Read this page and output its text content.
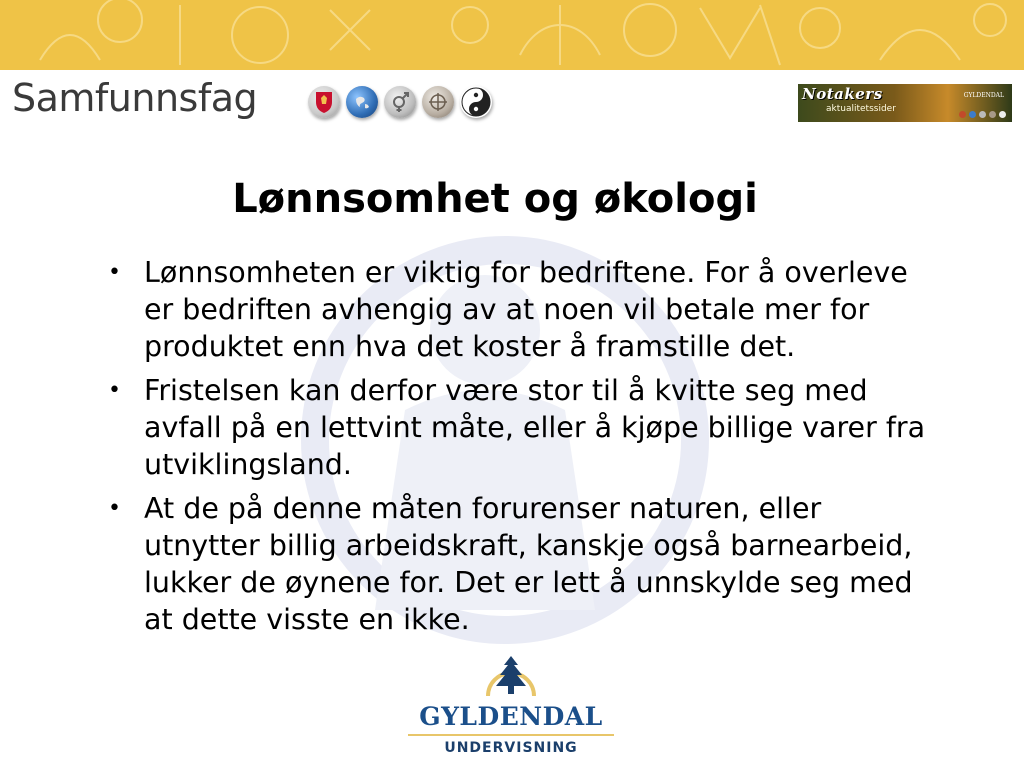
Samfunnsfag	Notakers
aktualitetssider
GYLDENDAL
Lønnsomhet og økologi
• Lønnsomheten er viktig for bedriftene. For å overleve er bedriften avhengig av at noen vil betale mer for produktet enn hva det koster å framstille det.
• Fristelsen kan derfor være stor til å kvitte seg med avfall på en lettvint måte, eller å kjøpe billige varer fra utviklingsland.
• At de på denne måten forurenser naturen, eller utnytter billig arbeidskraft, kanskje også barnearbeid, lukker de øynene for. Det er lett å unnskylde seg med at dette visste en ikke.
GYLDENDAL
UNDERVISNING
